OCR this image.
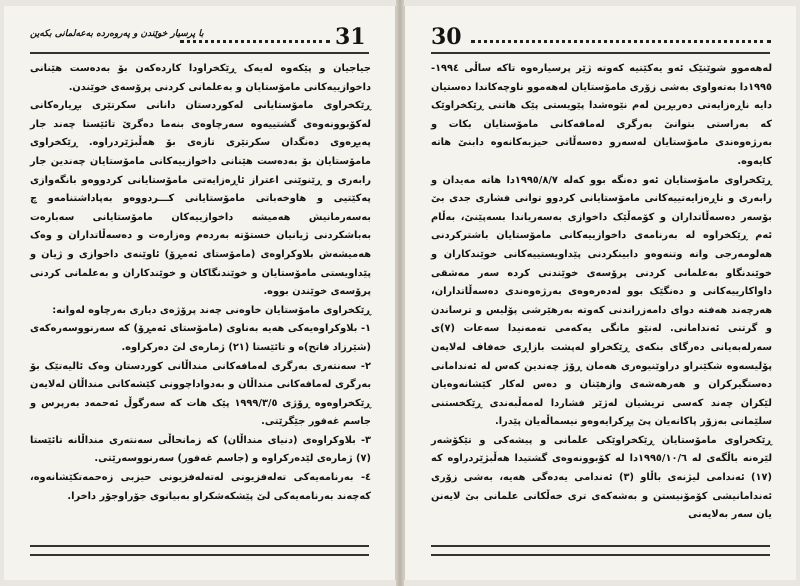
با پرسیار خوێندن و پەروەردە بەعەلمانی بکەین	31

جیاجیان و پێکەوە لەیەک ڕێکخراودا کاردەکەن بۆ بەدەست هێنانی داخوازییەکانی مامۆستایان و بەعلمانی کردنی پرۆسەی خوێندن.

ڕێکخراوی مامۆستایانی لەکوردستان دانانی سکرتێری بڕیارەکانی لەکۆبوونەوەی گشتییەوە سەرچاوەی بنەما دەگرێ تائێستا چەند جار پەیڕەوی دەنگدان سکرتێری تازەی بۆ هەڵبژێردراوە. ڕێکخراوی مامۆستایان بۆ بەدەست هێنانی داخوازییەکانی مامۆستایان چەندین جار رابەری و ڕێنوێنی اعتراز ئاڕەزایەتی مامۆستایانی کردووەو بانگەوازی پەکێتیی و هاوخەباتی مامۆستایانی کـــردووەو بەپاداشتنامەو چ بەسەرمانیش هەمیشە داخوازییەکان مامۆستایانی سەبارەت بەباشکردنی ژیانیان خستۆتە بەردەم وەزارەت و دەسەڵاتداران و وەک هەمیشەش بلاوکراوەی (مامۆستای ئەمڕۆ) ئاوێنەی داخوازی و ژیان و پێداویستی مامۆستایان و خوێندنگاکان و خوێندکاران و بەعلمانی کردنی پرۆسەی خوێندن بووە.

ڕێکخراوی مامۆستایان خاوەنی چەند پرۆژەی دیاری بەرچاوە لەوانە:

١- بلاوکراوەیەکی هەیە بەناوی (مامۆستای ئەمڕۆ) کە سەرنووسەرەکەی (شێرزاد فاتح)ە و تائێستا (٢١) ژمارەی لێ دەرکراوە.

٢- سەنتەری بەرگری لەمافەکانی منداڵانی کوردستان وەک ئالیەتێک بۆ بەرگری لەمافەکانی منداڵان و بەدواداچوونی کێشەکانی منداڵان لەلایەن ڕێکخراوەوە ڕۆژی ١٩٩٩/٣/٥ پێک هات کە سەرگوڵ ئەحمەد بەرپرس و جاسم غەفور جێگرێتی.

٣- بلاوکراوەی (دنیای منداڵان) کە زمانحاڵی سەنتەری منداڵانە تائێستا (٧) ژمارەی لێدەرکراوە و (جاسم غەفور) سەرنووسەرێتی.

٤- بەرنامەیەکی تەلەفزیونی لەتەلەفزیونی حیزبی زەحمەتکێشانەوە، کەچەند بەرنامەیەکی لێ پێشکەشکراو بەبیانوی جۆراوجۆر داخرا.

30

لەهەموو شوێنێک ئەو یەکێتیە کەوتە ژێر پرسیارەوە تاکە ساڵی ١٩٩٤- ١٩٩٥دا بەتەواوی بەشی زۆری مامۆستایان لەهەموو ناوچەکاندا دەستیان دایە ناڕەزایەتی دەربڕین لەم نێوەشدا پێویستی پێک هاتنی ڕێکخراوێک کە بەراستی بتوانێ بەرگری لەمافەکانی مامۆستایان بکات و بەرژەوەندی مامۆستایان لەسەرو دەسەڵاتی حیزبەکانەوە دابنێ هاتە کایەوە.

ڕێکخراوی مامۆستایان ئەو دەنگە بوو کەلە ١٩٩٥/٨/٧دا هاتە مەیدان و رابەری و ناڕەزایەتییەکانی مامۆستایانی کردوو توانی فشاری جدی بێ بۆسەر دەسەڵاتداران و کۆمەڵێک داخوازی بەسەریاندا بسەپێنێ، بەڵام ئەم ڕێکخراوە لە بەرنامەی داخوازییەکانی مامۆستایان باشترکردنی هەلومەرجی وانە وتنەوەو دابینکردنی پێداویستییەکانی خوێندکاران و خوێندنگاو بەعلمانی کردنی پرۆسەی خوێندنی کردە سەر مەشقی داواکارییەکانی و دەنگێک بوو لەدەرەوەی بەرژەوەندی دەسەڵاتداران، هەرچەند هەفتە دوای دامەزراندنی کەوتە بەرهێرشی پۆلیس و ترساندن و گرتنی ئەندامانی. لەنێو مانگی یەکەمی تەمەنیدا سەعات (٧)ی سەرلەبەیانی دەرگای بنکەی ڕێکخراو لەپشت بازاڕی خەفاف لەلایەن پۆلیسەوە شکێنراو دراوێنیوەری هەمان ڕۆژ چەندین کەس لە ئەندامانی دەستگیرکران و هەرهەشەی وازهێنان و دەس لەکار کێشانەوەیان لێکران چەند کەسی تریشیان لەژێر فشاردا لەمەڵبەندی ڕێکخستنی سلێمانی بەزۆر پاکانەیان پێ پڕکرایەوەو نیسماڵەیان پێدرا.

ڕێکخراوی مامۆستایان ڕێکخراوێکی علمانی و پیشەکی و تێکۆشەر لێرەنە باڵگەی لە ١٩٩٥/١٠/٦دا لە کۆبوونەوەی گشتیدا هەڵبژێردراوە کە (١٧) ئەندامی لیژنەی باڵاو (٣) ئەندامی یەدەگی هەیە، بەشی زۆری ئەندامانیشی کۆمۆنیستن و بەشەکەی تری خەڵکانی علمانی بێ لایەنن یان سەر بەلایەنی
